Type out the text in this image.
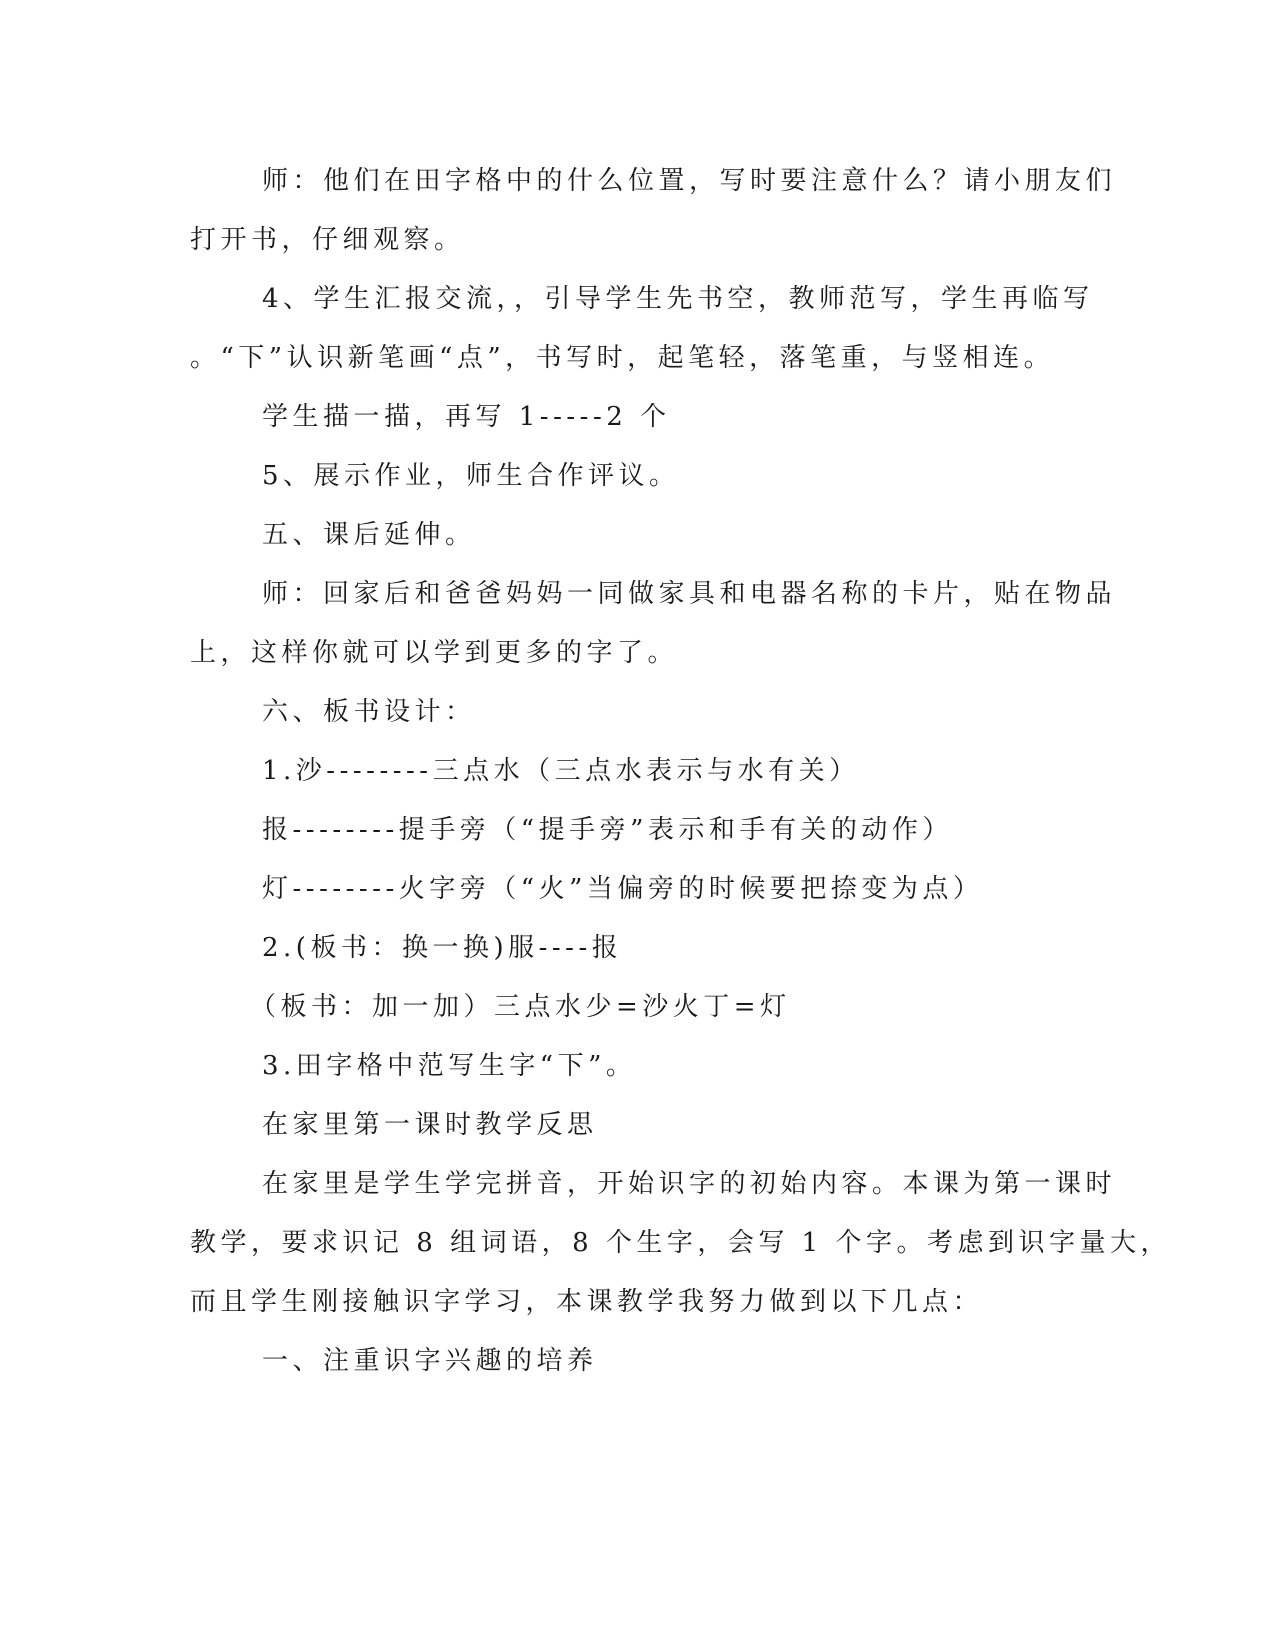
师：他们在田字格中的什么位置，写时要注意什么？请小朋友们
打开书，仔细观察。
4、学生汇报交流，，引导学生先书空，教师范写，学生再临写
。“下”认识新笔画“点”，书写时，起笔轻，落笔重，与竖相连。
学生描一描，再写 1-----2 个
5、展示作业，师生合作评议。
五、课后延伸。
师：回家后和爸爸妈妈一同做家具和电器名称的卡片，贴在物品
上，这样你就可以学到更多的字了。
六、板书设计：
1.沙--------三点水（三点水表示与水有关）
报--------提手旁（“提手旁”表示和手有关的动作）
灯--------火字旁（“火”当偏旁的时候要把捺变为点）
2.(板书：换一换)服----报
（板书：加一加）三点水少=沙火丁=灯
3.田字格中范写生字“下”。
在家里第一课时教学反思
在家里是学生学完拼音，开始识字的初始内容。本课为第一课时
教学，要求识记 8 组词语，8 个生字，会写 1 个字。考虑到识字量大，
而且学生刚接触识字学习，本课教学我努力做到以下几点：
一、注重识字兴趣的培养
